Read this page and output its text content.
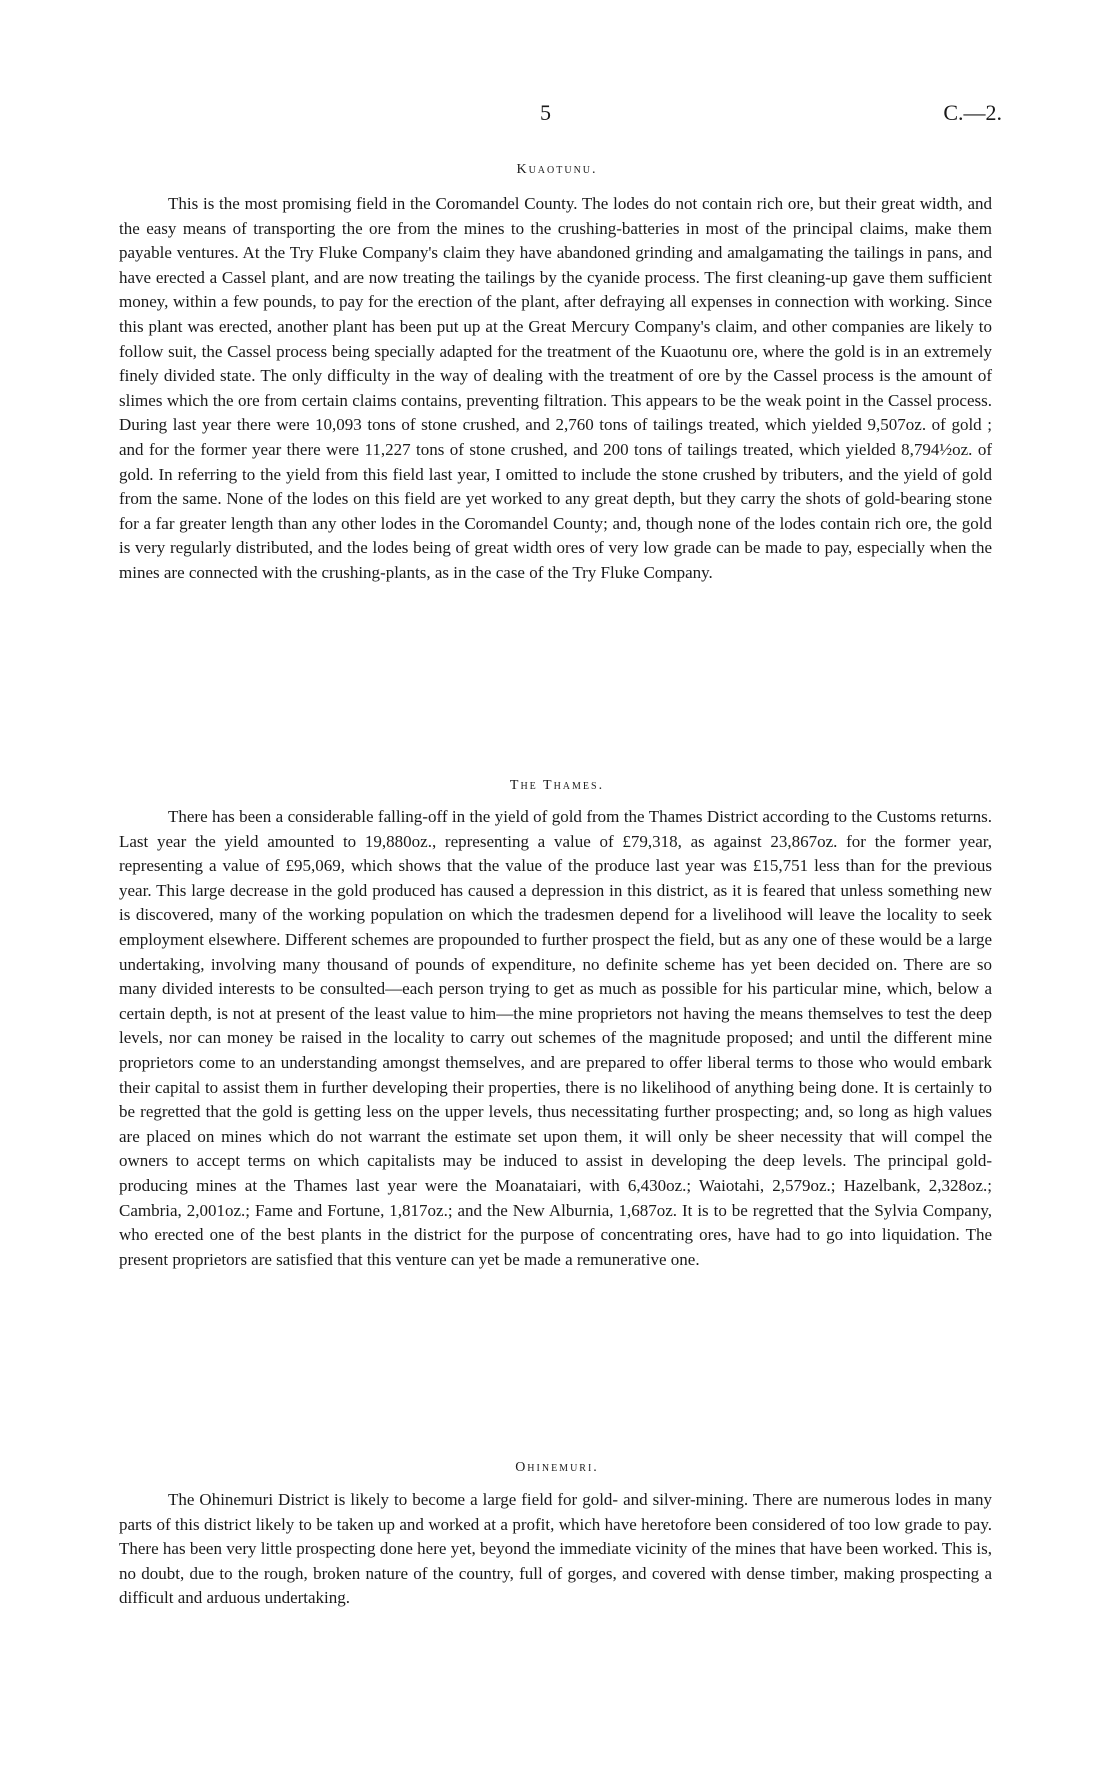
5	C.—2.
Kuaotunu.

This is the most promising field in the Coromandel County. The lodes do not contain rich ore, but their great width, and the easy means of transporting the ore from the mines to the crushing-batteries in most of the principal claims, make them payable ventures. At the Try Fluke Company's claim they have abandoned grinding and amalgamating the tailings in pans, and have erected a Cassel plant, and are now treating the tailings by the cyanide process. The first cleaning-up gave them sufficient money, within a few pounds, to pay for the erection of the plant, after defraying all expenses in connection with working. Since this plant was erected, another plant has been put up at the Great Mercury Company's claim, and other companies are likely to follow suit, the Cassel process being specially adapted for the treatment of the Kuaotunu ore, where the gold is in an extremely finely divided state. The only difficulty in the way of dealing with the treatment of ore by the Cassel process is the amount of slimes which the ore from certain claims contains, preventing filtration. This appears to be the weak point in the Cassel process. During last year there were 10,093 tons of stone crushed, and 2,760 tons of tailings treated, which yielded 9,507oz. of gold ; and for the former year there were 11,227 tons of stone crushed, and 200 tons of tailings treated, which yielded 8,794½oz. of gold. In referring to the yield from this field last year, I omitted to include the stone crushed by tributers, and the yield of gold from the same. None of the lodes on this field are yet worked to any great depth, but they carry the shots of gold-bearing stone for a far greater length than any other lodes in the Coromandel County; and, though none of the lodes contain rich ore, the gold is very regularly distributed, and the lodes being of great width ores of very low grade can be made to pay, especially when the mines are connected with the crushing-plants, as in the case of the Try Fluke Company.

The Thames.

There has been a considerable falling-off in the yield of gold from the Thames District according to the Customs returns. Last year the yield amounted to 19,880oz., representing a value of £79,318, as against 23,867oz. for the former year, representing a value of £95,069, which shows that the value of the produce last year was £15,751 less than for the previous year. This large decrease in the gold produced has caused a depression in this district, as it is feared that unless something new is discovered, many of the working population on which the tradesmen depend for a livelihood will leave the locality to seek employment elsewhere. Different schemes are propounded to further prospect the field, but as any one of these would be a large undertaking, involving many thousand of pounds of expenditure, no definite scheme has yet been decided on. There are so many divided interests to be consulted—each person trying to get as much as possible for his particular mine, which, below a certain depth, is not at present of the least value to him—the mine proprietors not having the means themselves to test the deep levels, nor can money be raised in the locality to carry out schemes of the magnitude proposed; and until the different mine proprietors come to an understanding amongst themselves, and are prepared to offer liberal terms to those who would embark their capital to assist them in further developing their properties, there is no likelihood of anything being done. It is certainly to be regretted that the gold is getting less on the upper levels, thus necessitating further prospecting; and, so long as high values are placed on mines which do not warrant the estimate set upon them, it will only be sheer necessity that will compel the owners to accept terms on which capitalists may be induced to assist in developing the deep levels. The principal gold-producing mines at the Thames last year were the Moanataiari, with 6,430oz.; Waiotahi, 2,579oz.; Hazelbank, 2,328oz.; Cambria, 2,001oz.; Fame and Fortune, 1,817oz.; and the New Alburnia, 1,687oz. It is to be regretted that the Sylvia Company, who erected one of the best plants in the district for the purpose of concentrating ores, have had to go into liquidation. The present proprietors are satisfied that this venture can yet be made a remunerative one.

Ohinemuri.

The Ohinemuri District is likely to become a large field for gold- and silver-mining. There are numerous lodes in many parts of this district likely to be taken up and worked at a profit, which have heretofore been considered of too low grade to pay. There has been very little prospecting done here yet, beyond the immediate vicinity of the mines that have been worked. This is, no doubt, due to the rough, broken nature of the country, full of gorges, and covered with dense timber, making prospecting a difficult and arduous undertaking.
